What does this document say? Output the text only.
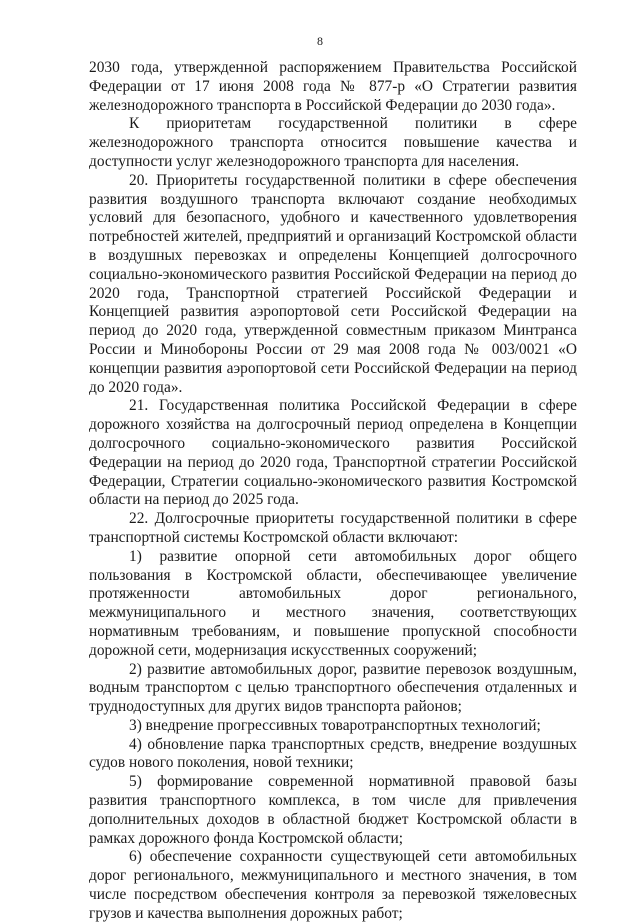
8

2030 года, утвержденной распоряжением Правительства Российской Федерации от 17 июня 2008 года № 877-р «О Стратегии развития железнодорожного транспорта в Российской Федерации до 2030 года».

К приоритетам государственной политики в сфере железнодорожного транспорта относится повышение качества и доступности услуг железнодорожного транспорта для населения.

20. Приоритеты государственной политики в сфере обеспечения развития воздушного транспорта включают создание необходимых условий для безопасного, удобного и качественного удовлетворения потребностей жителей, предприятий и организаций Костромской области в воздушных перевозках и определены Концепцией долгосрочного социально-экономического развития Российской Федерации на период до 2020 года, Транспортной стратегией Российской Федерации и Концепцией развития аэропортовой сети Российской Федерации на период до 2020 года, утвержденной совместным приказом Минтранса России и Минобороны России от 29 мая 2008 года № 003/0021 «О концепции развития аэропортовой сети Российской Федерации на период до 2020 года».

21. Государственная политика Российской Федерации в сфере дорожного хозяйства на долгосрочный период определена в Концепции долгосрочного социально-экономического развития Российской Федерации на период до 2020 года, Транспортной стратегии Российской Федерации, Стратегии социально-экономического развития Костромской области на период до 2025 года.

22. Долгосрочные приоритеты государственной политики в сфере транспортной системы Костромской области включают:

1) развитие опорной сети автомобильных дорог общего пользования в Костромской области, обеспечивающее увеличение протяженности автомобильных дорог регионального, межмуниципального и местного значения, соответствующих нормативным требованиям, и повышение пропускной способности дорожной сети, модернизация искусственных сооружений;

2) развитие автомобильных дорог, развитие перевозок воздушным, водным транспортом с целью транспортного обеспечения отдаленных и труднодоступных для других видов транспорта районов;

3) внедрение прогрессивных товаротранспортных технологий;

4) обновление парка транспортных средств, внедрение воздушных судов нового поколения, новой техники;

5) формирование современной нормативной правовой базы развития транспортного комплекса, в том числе для привлечения дополнительных доходов в областной бюджет Костромской области в рамках дорожного фонда Костромской области;

6) обеспечение сохранности существующей сети автомобильных дорог регионального, межмуниципального и местного значения, в том числе посредством обеспечения контроля за перевозкой тяжеловесных грузов и качества выполнения дорожных работ;
